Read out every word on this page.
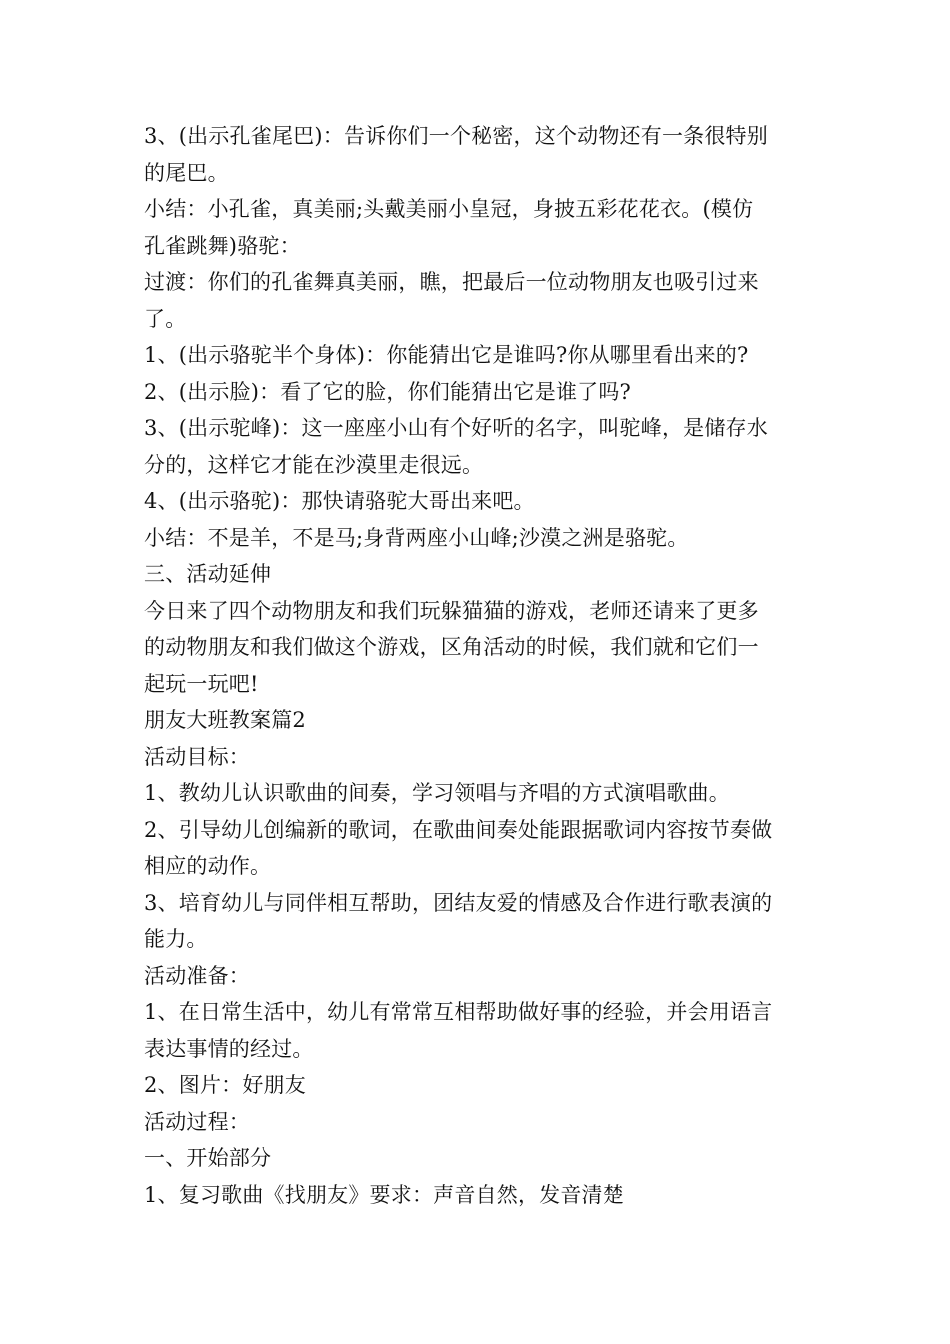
3、(出示孔雀尾巴)：告诉你们一个秘密，这个动物还有一条很特别
的尾巴。
小结：小孔雀，真美丽;头戴美丽小皇冠，身披五彩花花衣。(模仿
孔雀跳舞)骆驼：
过渡：你们的孔雀舞真美丽，瞧，把最后一位动物朋友也吸引过来
了。
1、(出示骆驼半个身体)：你能猜出它是谁吗?你从哪里看出来的?
2、(出示脸)：看了它的脸，你们能猜出它是谁了吗?
3、(出示驼峰)：这一座座小山有个好听的名字，叫驼峰，是储存水
分的，这样它才能在沙漠里走很远。
4、(出示骆驼)：那快请骆驼大哥出来吧。
小结：不是羊，不是马;身背两座小山峰;沙漠之洲是骆驼。
三、活动延伸
今日来了四个动物朋友和我们玩躲猫猫的游戏，老师还请来了更多
的动物朋友和我们做这个游戏，区角活动的时候，我们就和它们一
起玩一玩吧!
朋友大班教案篇2
活动目标：
1、教幼儿认识歌曲的间奏，学习领唱与齐唱的方式演唱歌曲。
2、引导幼儿创编新的歌词，在歌曲间奏处能跟据歌词内容按节奏做
相应的动作。
3、培育幼儿与同伴相互帮助，团结友爱的情感及合作进行歌表演的
能力。
活动准备：
1、在日常生活中，幼儿有常常互相帮助做好事的经验，并会用语言
表达事情的经过。
2、图片：好朋友
活动过程：
一、开始部分
1、复习歌曲《找朋友》要求：声音自然，发音清楚
